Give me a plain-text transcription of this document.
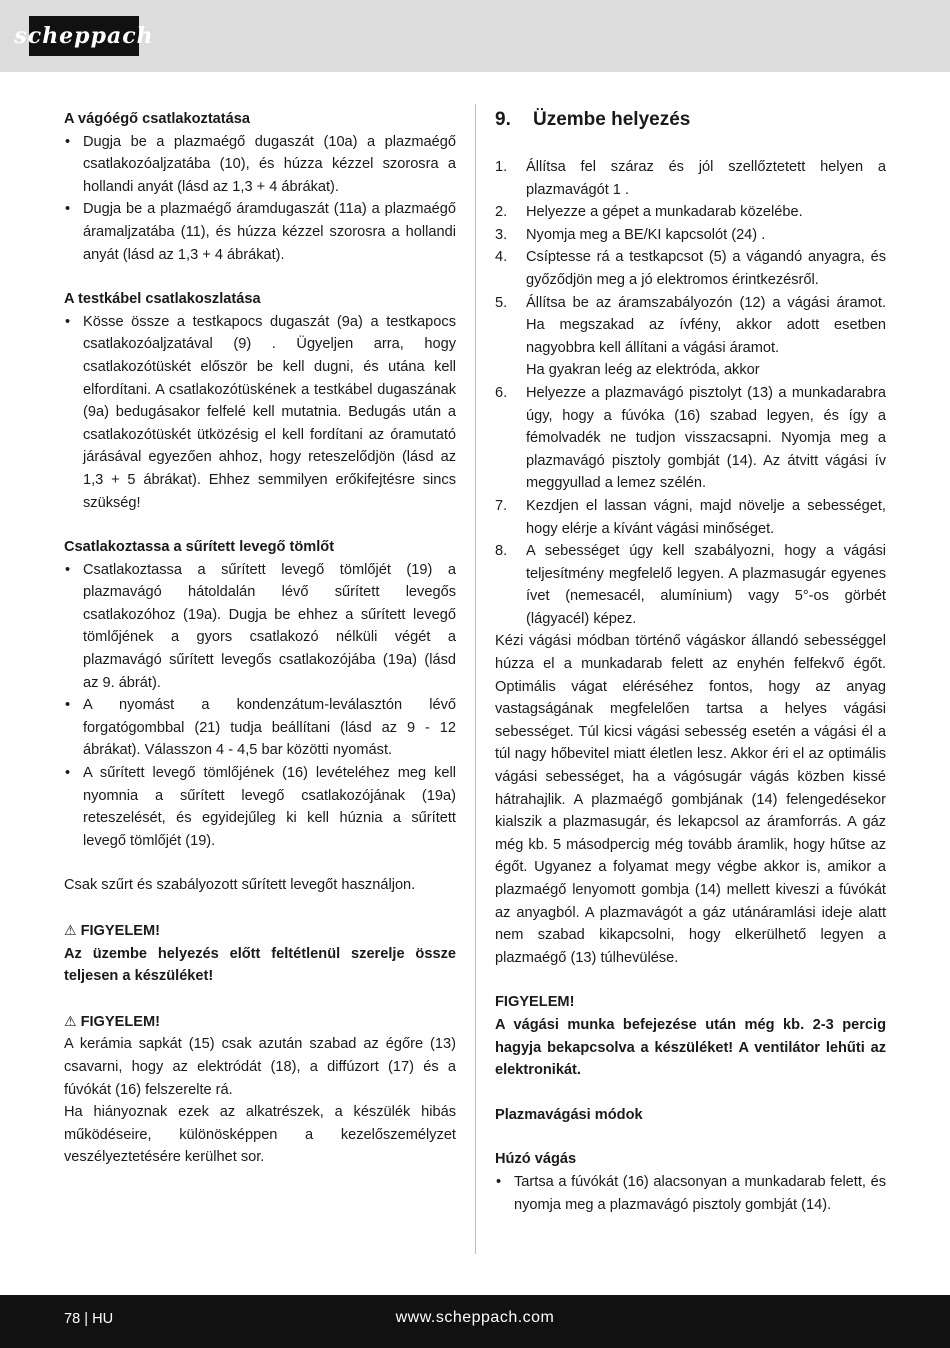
scheppach
A vágóégő csatlakoztatása
• Dugja be a plazmaégő dugaszát (10a) a plazmaégő csatlakozóaljzatába (10), és húzza kézzel szorosra a hollandi anyát (lásd az 1,3 + 4 ábrákat).
• Dugja be a plazmaégő áramdugaszát (11a) a plazmaégő áramaljzatába (11), és húzza kézzel szorosra a hollandi anyát (lásd az 1,3 + 4 ábrákat).
A testkábel csatlakoszlatása
• Kösse össze a testkapocs dugaszát (9a) a testkapocs csatlakozóaljzatával (9) . Ügyeljen arra, hogy csatlakozótüskét először be kell dugni, és utána kell elfordítani. A csatlakozótüskének a testkábel dugaszának (9a) bedugásakor felfelé kell mutatnia. Bedugás után a csatlakozótüskét ütközésig el kell fordítani az óramutató járásával egyezően ahhoz, hogy reteszelődjön (lásd az 1,3 + 5 ábrákat). Ehhez semmilyen erőkifejtésre sincs szükség!
Csatlakoztassa a sűrített levegő tömlőt
• Csatlakoztassa a sűrített levegő tömlőjét (19) a plazmavágó hátoldalán lévő sűrített levegős csatlakozóhoz (19a). Dugja be ehhez a sűrített levegő tömlőjének a gyors csatlakozó nélküli végét a plazmavágó sűrített levegős csatlakozójába (19a) (lásd az 9. ábrát).
• A nyomást a kondenzátum-leválasztón lévő forgatógombbal (21) tudja beállítani (lásd az 9 - 12 ábrákat). Válasszon 4 - 4,5 bar közötti nyomást.
• A sűrített levegő tömlőjének (16) levételéhez meg kell nyomnia a sűrített levegő csatlakozójának (19a) reteszelését, és egyidejűleg ki kell húznia a sűrített levegő tömlőjét (19).

Csak szűrt és szabályozott sűrített levegőt használjon.

⚠ FIGYELEM!

Az üzembe helyezés előtt feltétlenül szerelje össze teljesen a készüléket!

⚠ FIGYELEM!

A kerámia sapkát (15) csak azután szabad az égőre (13) csavarni, hogy az elektródát (18), a diffúzort (17) és a fúvókát (16) felszerelte rá.

Ha hiányoznak ezek az alkatrészek, a készülék hibás működéseire, különösképpen a kezelőszemélyzet veszélyeztetésére kerülhet sor.

9. Üzembe helyezés
1. Állítsa fel száraz és jól szellőztetett helyen a plazmavágót 1 .
2. Helyezze a gépet a munkadarab közelébe.
3. Nyomja meg a BE/KI kapcsolót (24) .
4. Csíptesse rá a testkapcsot (5) a vágandó anyagra, és győződjön meg a jó elektromos érintkezésről.
5. Állítsa be az áramszabályozón (12) a vágási áramot. Ha megszakad az ívfény, akkor adott esetben nagyobbra kell állítani a vágási áramot.
Ha gyakran leég az elektróda, akkor
6. Helyezze a plazmavágó pisztolyt (13) a munkadarabra úgy, hogy a fúvóka (16) szabad legyen, és így a fémolvadék ne tudjon visszacsapni. Nyomja meg a plazmavágó pisztoly gombját (14). Az átvitt vágási ív meggyullad a lemez szélén.
7. Kezdjen el lassan vágni, majd növelje a sebességet, hogy elérje a kívánt vágási minőséget.
8. A sebességet úgy kell szabályozni, hogy a vágási teljesítmény megfelelő legyen. A plazmasugár egyenes ívet (nemesacél, alumínium) vagy 5°-os görbét (lágyacél) képez.

Kézi vágási módban történő vágáskor állandó sebességgel húzza el a munkadarab felett az enyhén felfekvő égőt. Optimális vágat eléréséhez fontos, hogy az anyag vastagságának megfelelően tartsa a helyes vágási sebességet. Túl kicsi vágási sebesség esetén a vágási él a túl nagy hőbevitel miatt életlen lesz. Akkor éri el az optimális vágási sebességet, ha a vágósugár vágás közben kissé hátrahajlik. A plazmaégő gombjának (14) felengedésekor kialszik a plazmasugár, és lekapcsol az áramforrás. A gáz még kb. 5 másodpercig még tovább áramlik, hogy hűtse az égőt. Ugyanez a folyamat megy végbe akkor is, amikor a plazmaégő lenyomott gombja (14) mellett kiveszi a fúvókát az anyagból. A plazmavágót a gáz utánáramlási ideje alatt nem szabad kikapcsolni, hogy elkerülhető legyen a plazmaégő (13) túlhevülése.

FIGYELEM!

A vágási munka befejezése után még kb. 2-3 percig hagyja bekapcsolva a készüléket! A ventilátor lehűti az elektronikát.

Plazmavágási módok
Húzó vágás
• Tartsa a fúvókát (16) alacsonyan a munkadarab felett, és nyomja meg a plazmavágó pisztoly gombját (14).
78 | HU	www.scheppach.com
